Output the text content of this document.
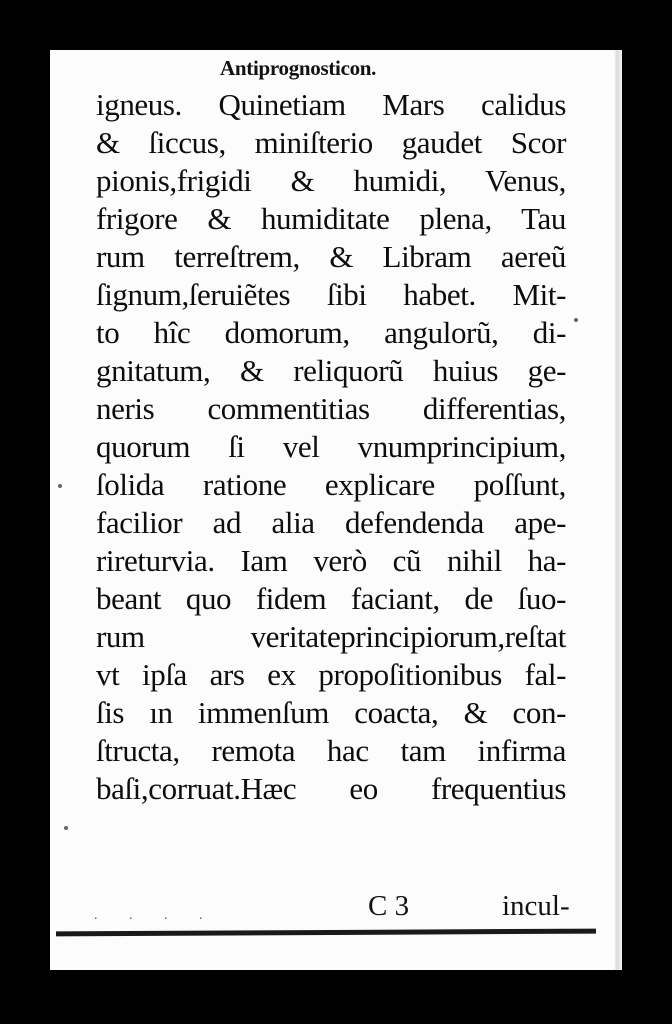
Antiprognosticon.
igneus. Quinetiam Mars calidus
& ſiccus, miniſterio gaudet Scor
pionis,frigidi & humidi, Venus,
frigore & humiditate plena, Tau
rum terreſtrem, & Libram aereũ
ſignum,ſeruiẽtes ſibi habet. Mit-
to hîc domorum, angulorũ, di-
gnitatum, & reliquorũ huius ge-
neris commentitias differentias,
quorum ſi vel vnumprincipium,
ſolida ratione explicare poſſunt,
facilior ad alia defendenda ape-
rireturvia. Iam verò cũ nihil ha-
beant quo fidem faciant, de ſuo-
rum veritateprincipiorum,reſtat
vt ipſa ars ex propoſitionibus fal-
ſis ın immenſum coacta, & con-
ſtructa, remota hac tam infirma
baſi,corruat.Hæc eo frequentius
. . . .	C 3	incul-
